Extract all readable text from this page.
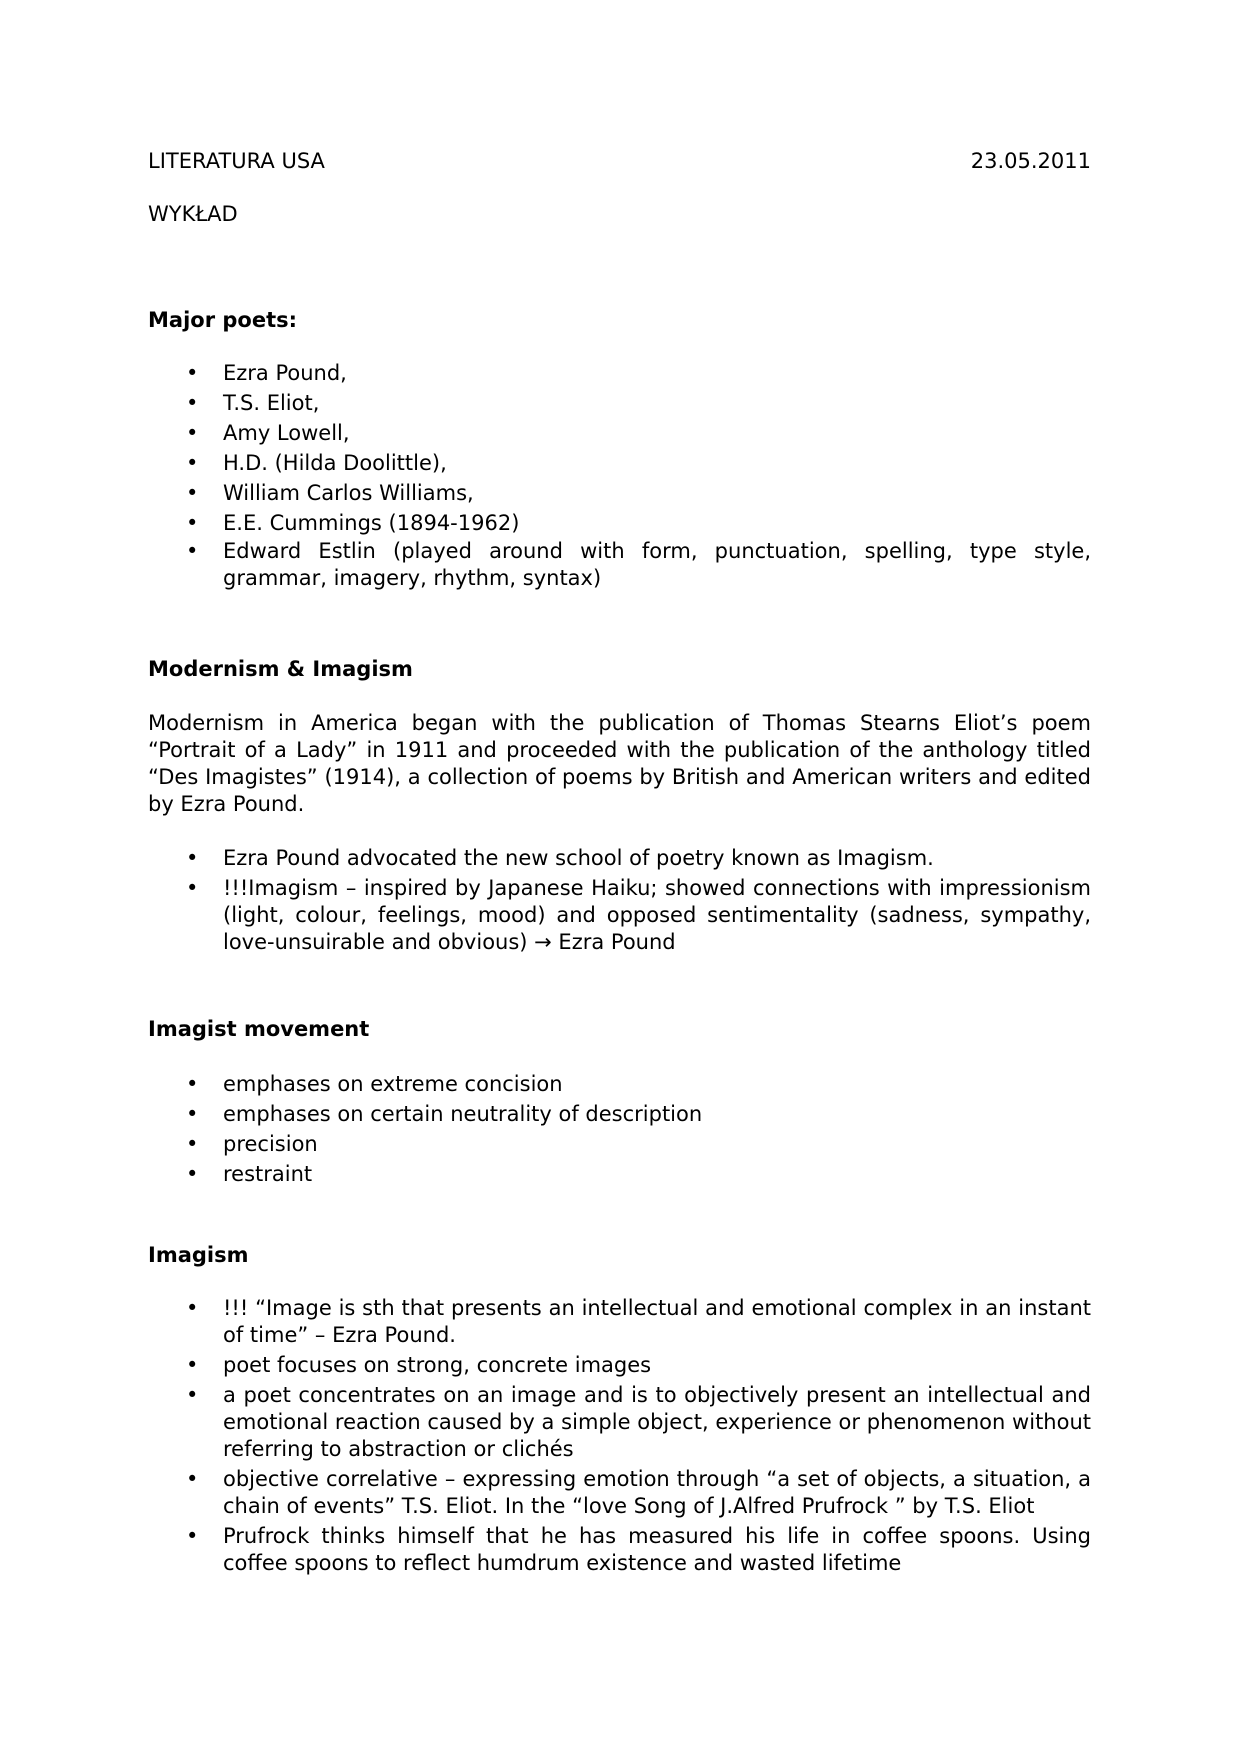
LITERATURA USA	23.05.2011
WYKŁAD
Major poets:
• Ezra Pound,
• T.S. Eliot,
• Amy Lowell,
• H.D. (Hilda Doolittle),
• William Carlos Williams,
• E.E. Cummings (1894-1962)
• Edward Estlin (played around with form, punctuation, spelling, type style, grammar, imagery, rhythm, syntax)
Modernism & Imagism

Modernism in America began with the publication of Thomas Stearns Eliot’s poem “Portrait of a Lady” in 1911 and proceeded with the publication of the anthology titled “Des Imagistes” (1914), a collection of poems by British and American writers and edited by Ezra Pound.

• Ezra Pound advocated the new school of poetry known as Imagism.
• !!!Imagism – inspired by Japanese Haiku; showed connections with impressionism (light, colour, feelings, mood) and opposed sentimentality (sadness, sympathy, love-unsuirable and obvious) → Ezra Pound
Imagist movement
• emphases on extreme concision
• emphases on certain neutrality of description
• precision
• restraint
Imagism
• !!! “Image is sth that presents an intellectual and emotional complex in an instant of time” – Ezra Pound.
• poet focuses on strong, concrete images
• a poet concentrates on an image and is to objectively present an intellectual and emotional reaction caused by a simple object, experience or phenomenon without referring to abstraction or clichés
• objective correlative – expressing emotion through “a set of objects, a situation, a chain of events” T.S. Eliot. In the “love Song of J.Alfred Prufrock ” by T.S. Eliot
• Prufrock thinks himself that he has measured his life in coffee spoons. Using coffee spoons to reflect humdrum existence and wasted lifetime
